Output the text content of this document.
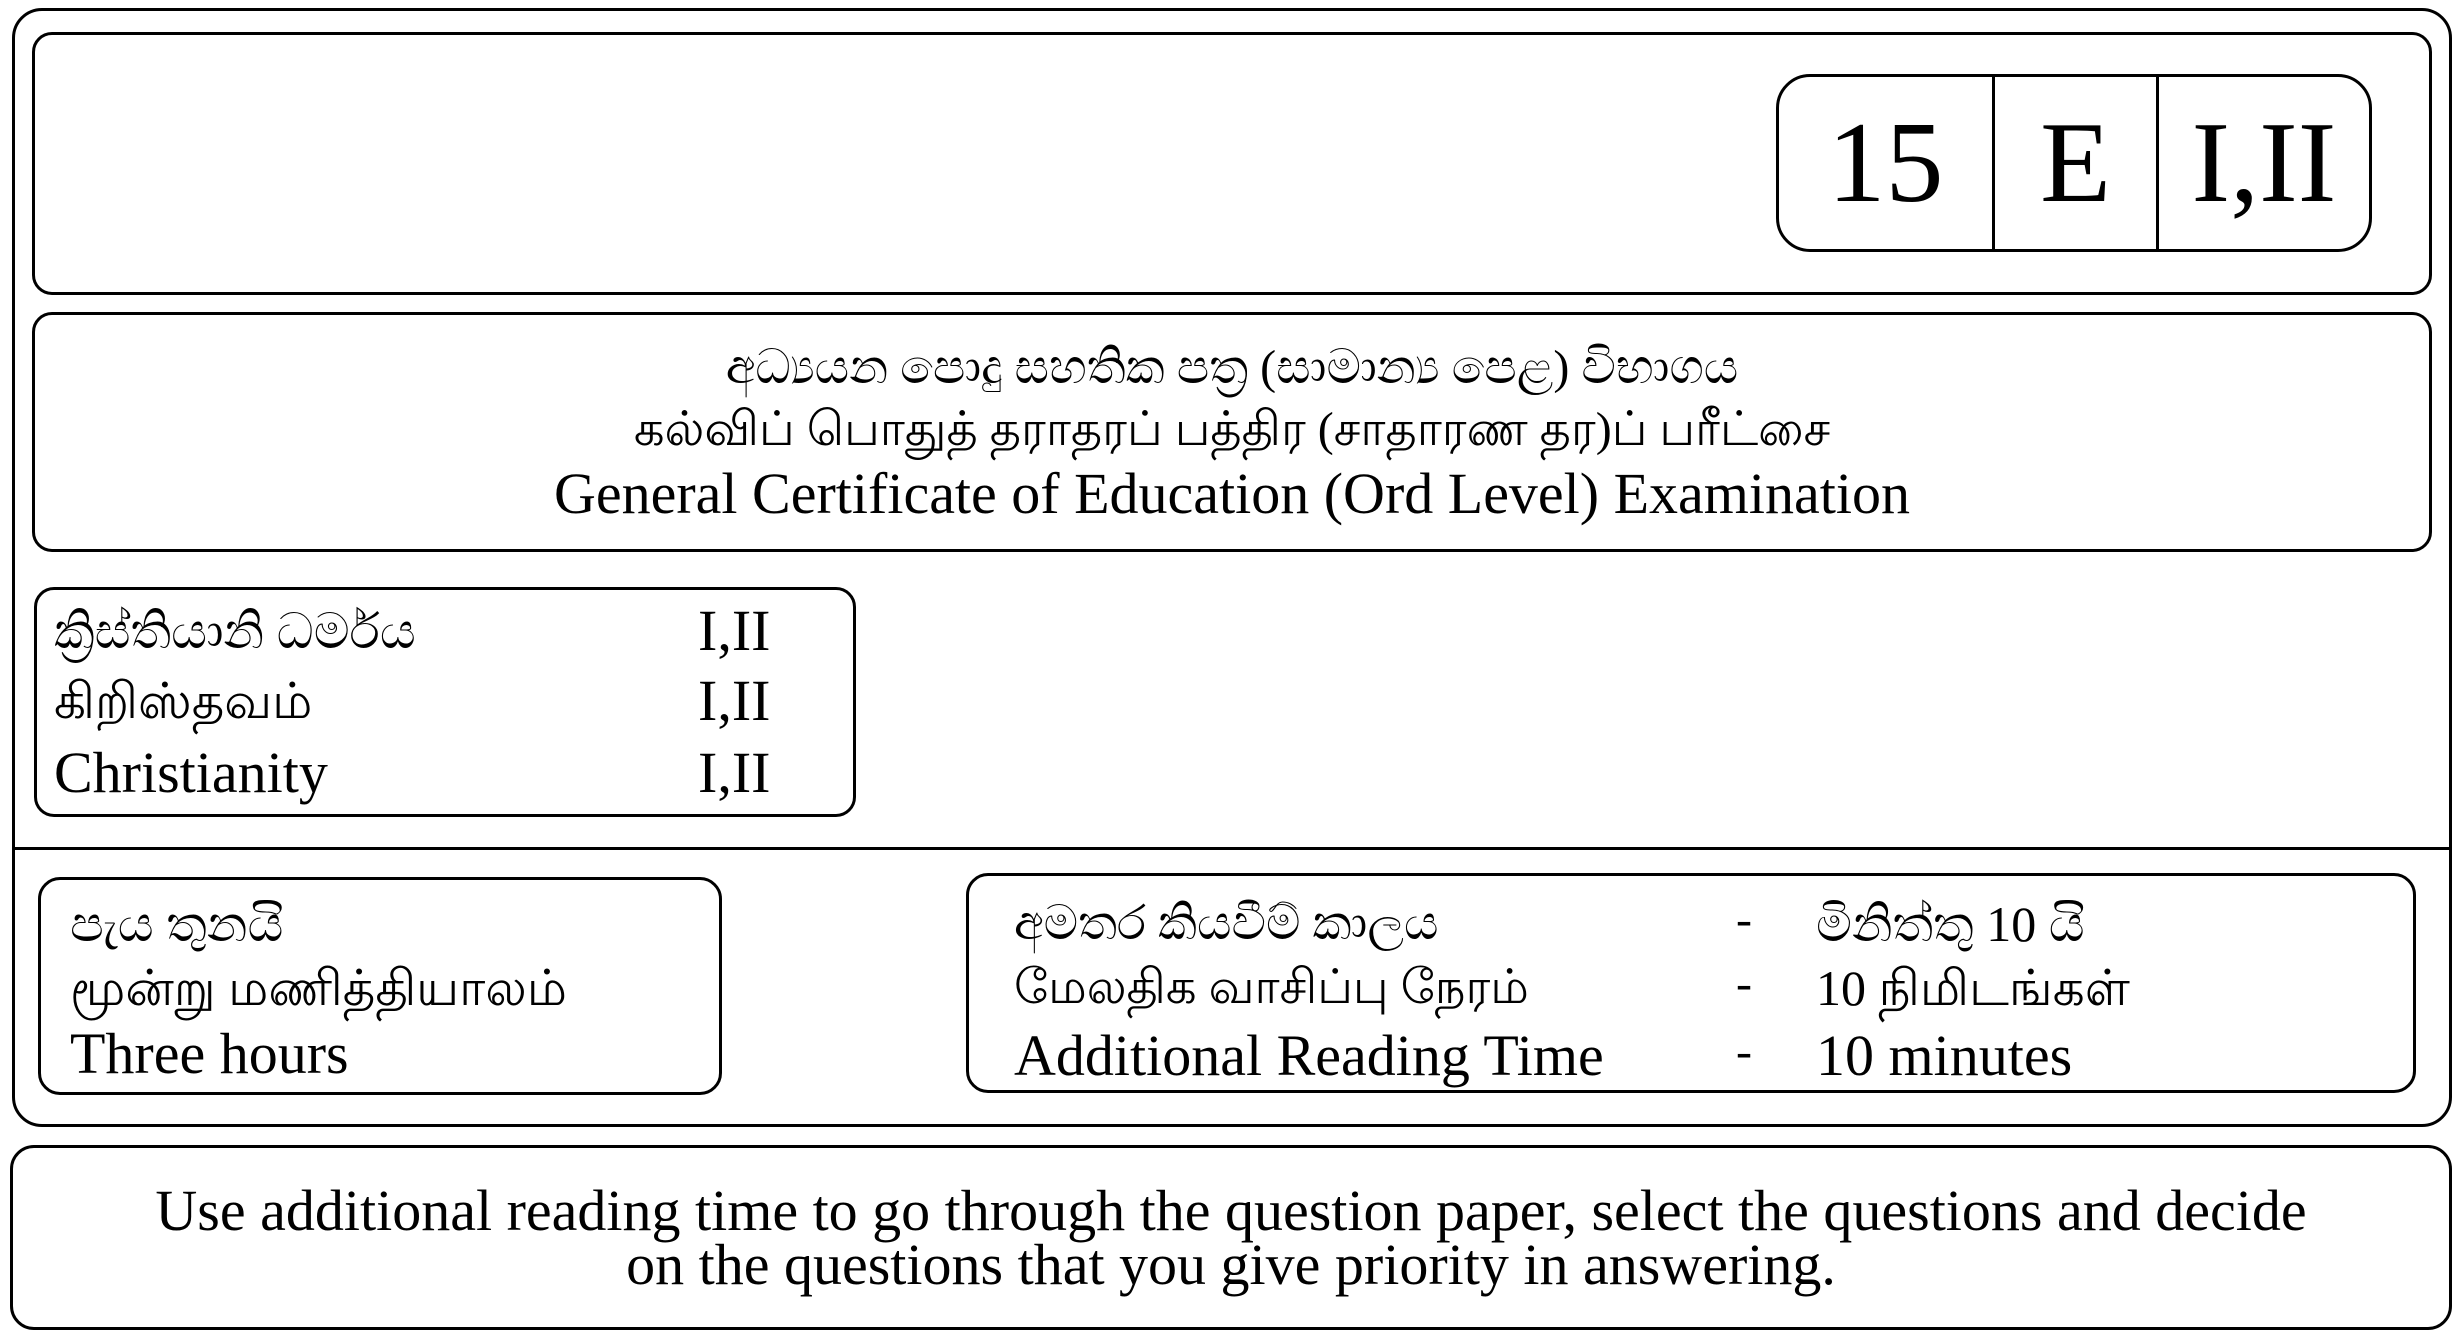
15 E I,II
අධ්‍යයන පොදු සහතික පත්‍ර (සාමාන්‍ය පෙළ) විභාගය
கல்விப் பொதுத் தராதரப் பத்திர (சாதாரண தர)ப் பரீட்சை
General Certificate of Education (Ord Level) Examination
ක්‍රිස්තියානි ධර්මය	I,II
கிறிஸ்தவம்	I,II
Christianity	I,II
පැය තුනයි
மூன்று மணித்தியாலம்
Three hours
අමතර කියවීම් කාලය	- මිනිත්තු 10 යි
மேலதிக வாசிப்பு நேரம்	- 10 நிமிடங்கள்
Additional Reading Time	- 10 minutes
Use additional reading time to go through the question paper, select the questions and decide
on the questions that you give priority in answering.
